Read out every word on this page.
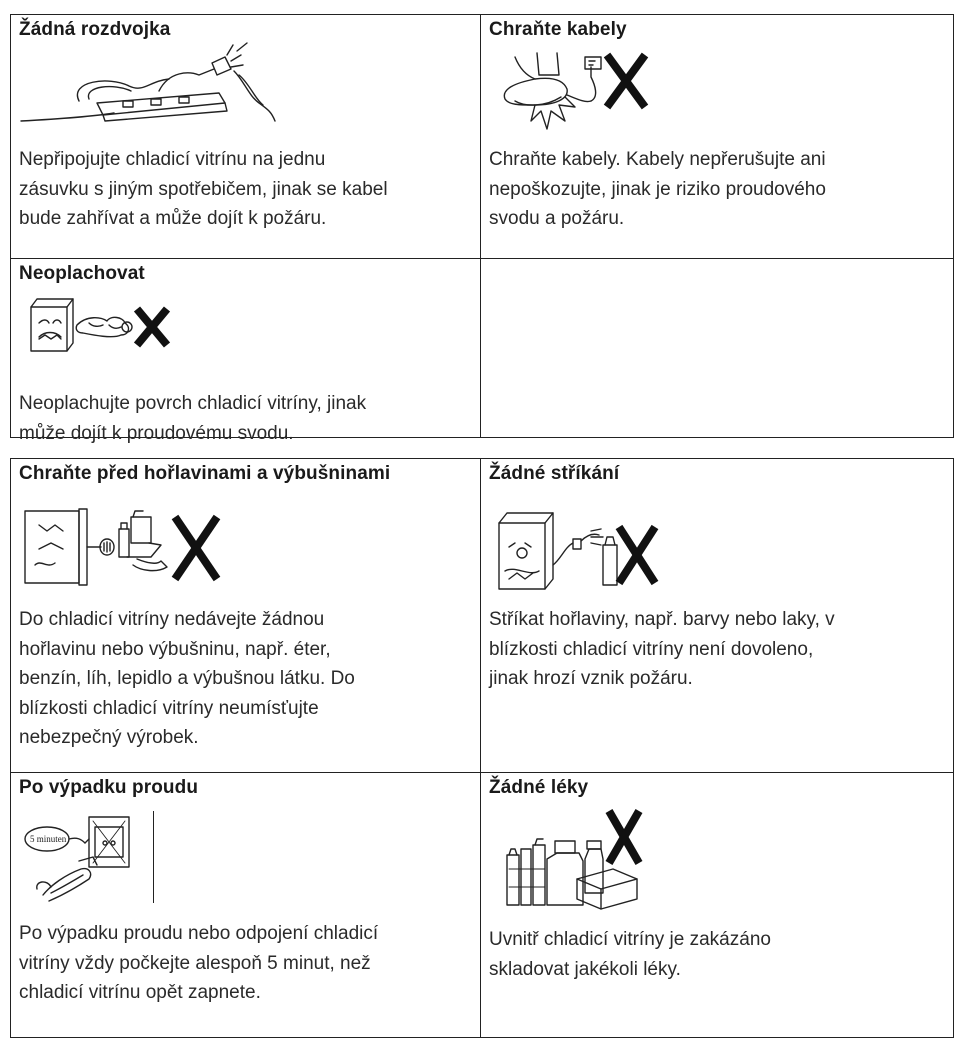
Žádná rozdvojka
Nepřipojujte chladicí vitrínu na jednu
zásuvku s jiným spotřebičem, jinak se kabel
bude zahřívat a může dojít k požáru.
Chraňte kabely
Chraňte kabely. Kabely nepřerušujte ani
nepoškozujte, jinak je riziko proudového
svodu a požáru.
Neoplachovat
Neoplachujte povrch chladicí vitríny, jinak
může dojít k proudovému svodu.
Chraňte před hořlavinami a výbušninami
Do chladicí vitríny nedávejte žádnou
hořlavinu nebo výbušninu, např. éter,
benzín, líh, lepidlo a výbušnou látku. Do
blízkosti chladicí vitríny neumísťujte
nebezpečný výrobek.
Žádné stříkání
Stříkat hořlaviny, např. barvy nebo laky, v
blízkosti chladicí vitríny není dovoleno,
jinak hrozí vznik požáru.
Po výpadku proudu
5 minuten
Po výpadku proudu nebo odpojení chladicí
vitríny vždy počkejte alespoň 5 minut, než
chladicí vitrínu opět zapnete.
Žádné léky
Uvnitř chladicí vitríny je zakázáno
skladovat jakékoli léky.
